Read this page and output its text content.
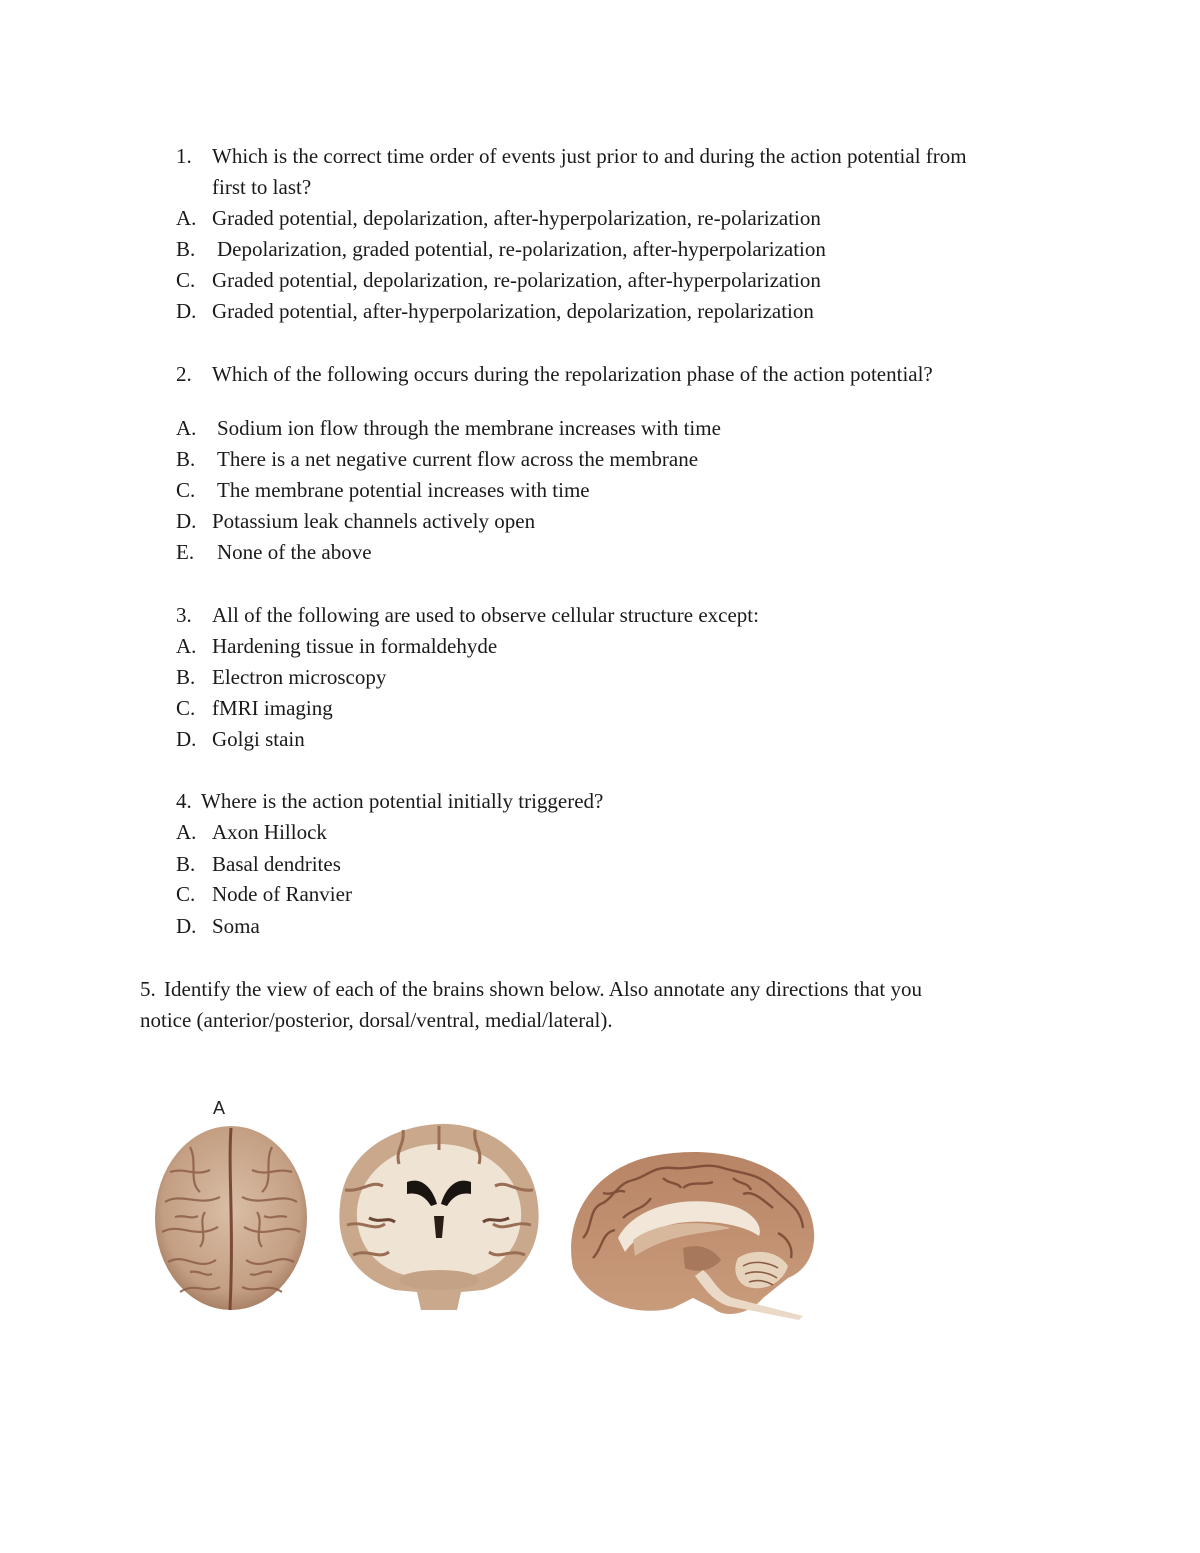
1. Which is the correct time order of events just prior to and during the action potential from
first to last?
A. Graded potential, depolarization, after-hyperpolarization, re-polarization
B. Depolarization, graded potential, re-polarization, after-hyperpolarization
C. Graded potential, depolarization, re-polarization, after-hyperpolarization
D. Graded potential, after-hyperpolarization, depolarization, repolarization
2. Which of the following occurs during the repolarization phase of the action potential?
A. Sodium ion flow through the membrane increases with time
B. There is a net negative current flow across the membrane
C. The membrane potential increases with time
D. Potassium leak channels actively open
E. None of the above
3. All of the following are used to observe cellular structure except:
A. Hardening tissue in formaldehyde
B. Electron microscopy
C. fMRI imaging
D. Golgi stain
4. Where is the action potential initially triggered?
A. Axon Hillock
B. Basal dendrites
C. Node of Ranvier
D. Soma
5. Identify the view of each of the brains shown below. Also annotate any directions that you
notice (anterior/posterior, dorsal/ventral, medial/lateral).
A
